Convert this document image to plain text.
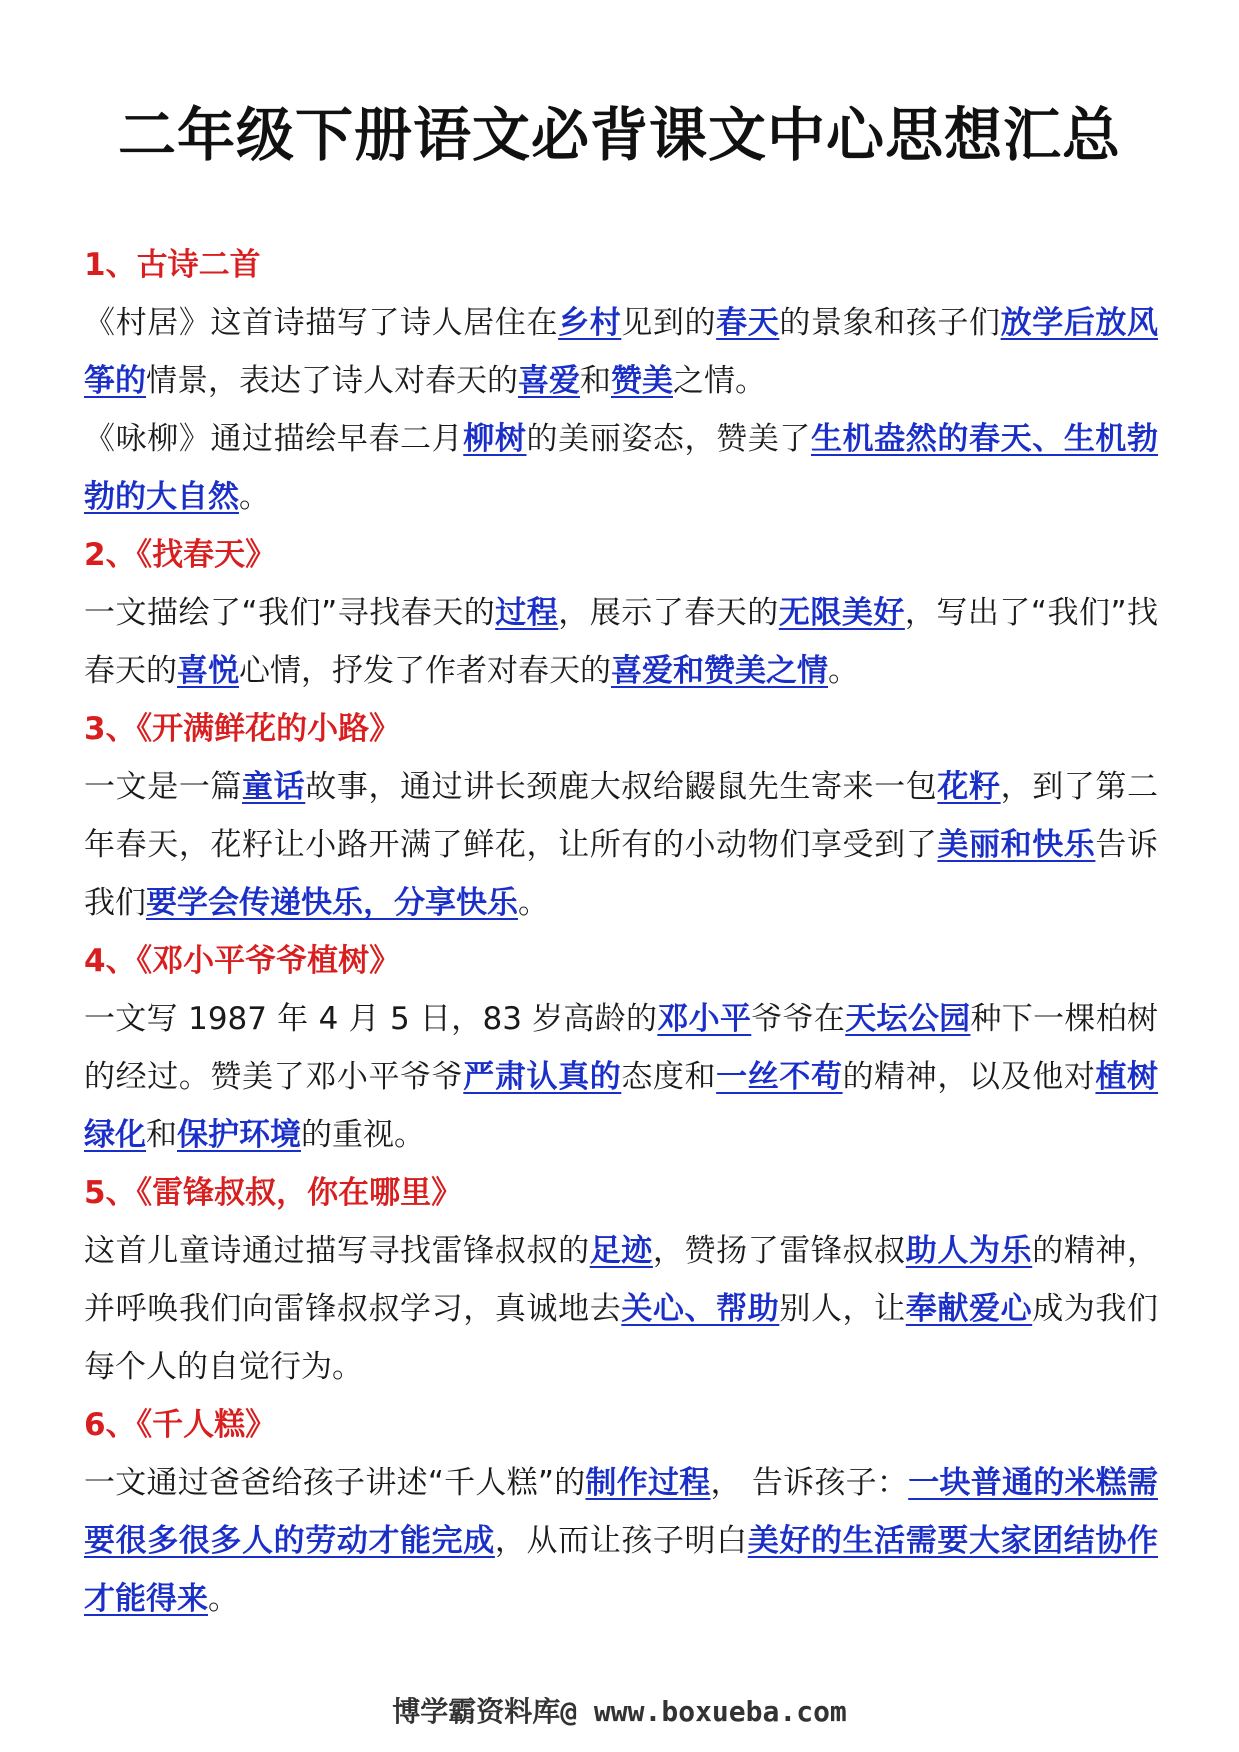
二年级下册语文必背课文中心思想汇总
1、古诗二首

《村居》这首诗描写了诗人居住在乡村见到的春天的景象和孩子们放学后放风筝的情景，表达了诗人对春天的喜爱和赞美之情。

《咏柳》通过描绘早春二月柳树的美丽姿态，赞美了生机盎然的春天、生机勃勃的大自然。

2、《找春天》

一文描绘了“我们”寻找春天的过程，展示了春天的无限美好，写出了“我们”找春天的喜悦心情，抒发了作者对春天的喜爱和赞美之情。

3、《开满鲜花的小路》

一文是一篇童话故事，通过讲长颈鹿大叔给鼹鼠先生寄来一包花籽，到了第二年春天，花籽让小路开满了鲜花，让所有的小动物们享受到了美丽和快乐告诉我们要学会传递快乐，分享快乐。

4、《邓小平爷爷植树》

一文写 1987 年 4 月 5 日，83 岁高龄的邓小平爷爷在天坛公园种下一棵柏树的经过。赞美了邓小平爷爷严肃认真的态度和一丝不苟的精神，以及他对植树绿化和保护环境的重视。

5、《雷锋叔叔，你在哪里》

这首儿童诗通过描写寻找雷锋叔叔的足迹，赞扬了雷锋叔叔助人为乐的精神，并呼唤我们向雷锋叔叔学习，真诚地去关心、帮助别人，让奉献爱心成为我们每个人的自觉行为。

6、《千人糕》

一文通过爸爸给孩子讲述“千人糕”的制作过程， 告诉孩子：一块普通的米糕需要很多很多人的劳动才能完成，从而让孩子明白美好的生活需要大家团结协作才能得来。

博学霸资料库@ www.boxueba.com
